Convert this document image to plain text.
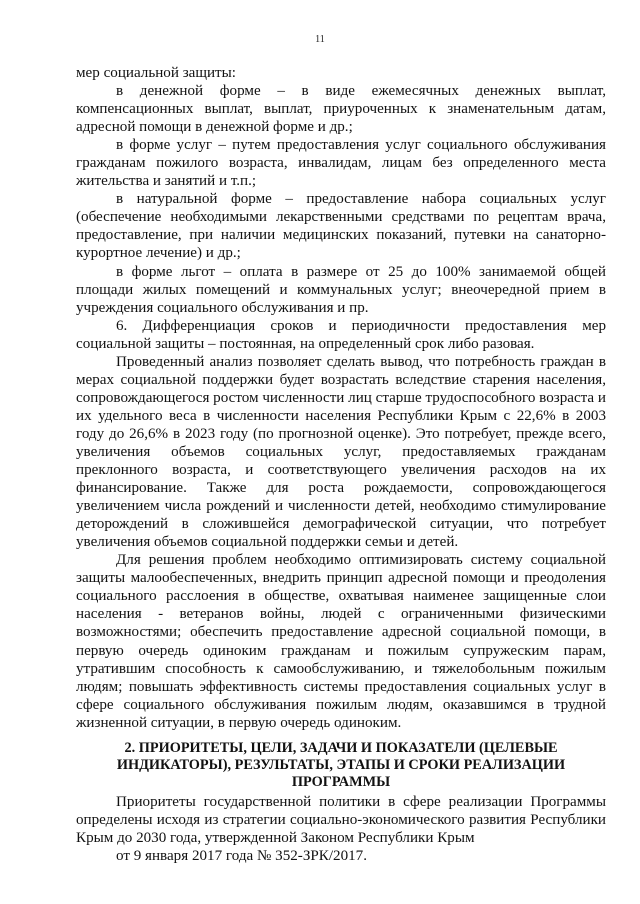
11

мер социальной защиты:

в денежной форме – в виде ежемесячных денежных выплат, компенсационных выплат, выплат, приуроченных к знаменательным датам, адресной помощи в денежной форме и др.;

в форме услуг – путем предоставления услуг социального обслуживания гражданам пожилого возраста, инвалидам, лицам без определенного места жительства и занятий и т.п.;

в натуральной форме – предоставление набора социальных услуг (обеспечение необходимыми лекарственными средствами по рецептам врача, предоставление, при наличии медицинских показаний, путевки на санаторно-курортное лечение) и др.;

в форме льгот – оплата в размере от 25 до 100% занимаемой общей площади жилых помещений и коммунальных услуг; внеочередной прием в учреждения социального обслуживания и пр.

6. Дифференциация сроков и периодичности предоставления мер социальной защиты – постоянная, на определенный срок либо разовая.

Проведенный анализ позволяет сделать вывод, что потребность граждан в мерах социальной поддержки будет возрастать вследствие старения населения, сопровождающегося ростом численности лиц старше трудоспособного возраста и их удельного веса в численности населения Республики Крым с 22,6% в 2003 году до 26,6% в 2023 году (по прогнозной оценке). Это потребует, прежде всего, увеличения объемов социальных услуг, предоставляемых гражданам преклонного возраста, и соответствующего увеличения расходов на их финансирование. Также для роста рождаемости, сопровождающегося увеличением числа рождений и численности детей, необходимо стимулирование деторождений в сложившейся демографической ситуации, что потребует увеличения объемов социальной поддержки семьи и детей.

Для решения проблем необходимо оптимизировать систему социальной защиты малообеспеченных, внедрить принцип адресной помощи и преодоления социального расслоения в обществе, охватывая наименее защищенные слои населения - ветеранов войны, людей с ограниченными физическими возможностями; обеспечить предоставление адресной социальной помощи, в первую очередь одиноким гражданам и пожилым супружеским парам, утратившим способность к самообслуживанию, и тяжелобольным пожилым людям; повышать эффективность системы предоставления социальных услуг в сфере социального обслуживания пожилым людям, оказавшимся в трудной жизненной ситуации, в первую очередь одиноким.

2. ПРИОРИТЕТЫ, ЦЕЛИ, ЗАДАЧИ И ПОКАЗАТЕЛИ (ЦЕЛЕВЫЕ ИНДИКАТОРЫ), РЕЗУЛЬТАТЫ, ЭТАПЫ И СРОКИ РЕАЛИЗАЦИИ ПРОГРАММЫ

Приоритеты государственной политики в сфере реализации Программы определены исходя из стратегии социально-экономического развития Республики Крым до 2030 года, утвержденной Законом Республики Крым
от 9 января 2017 года № 352-ЗРК/2017.
